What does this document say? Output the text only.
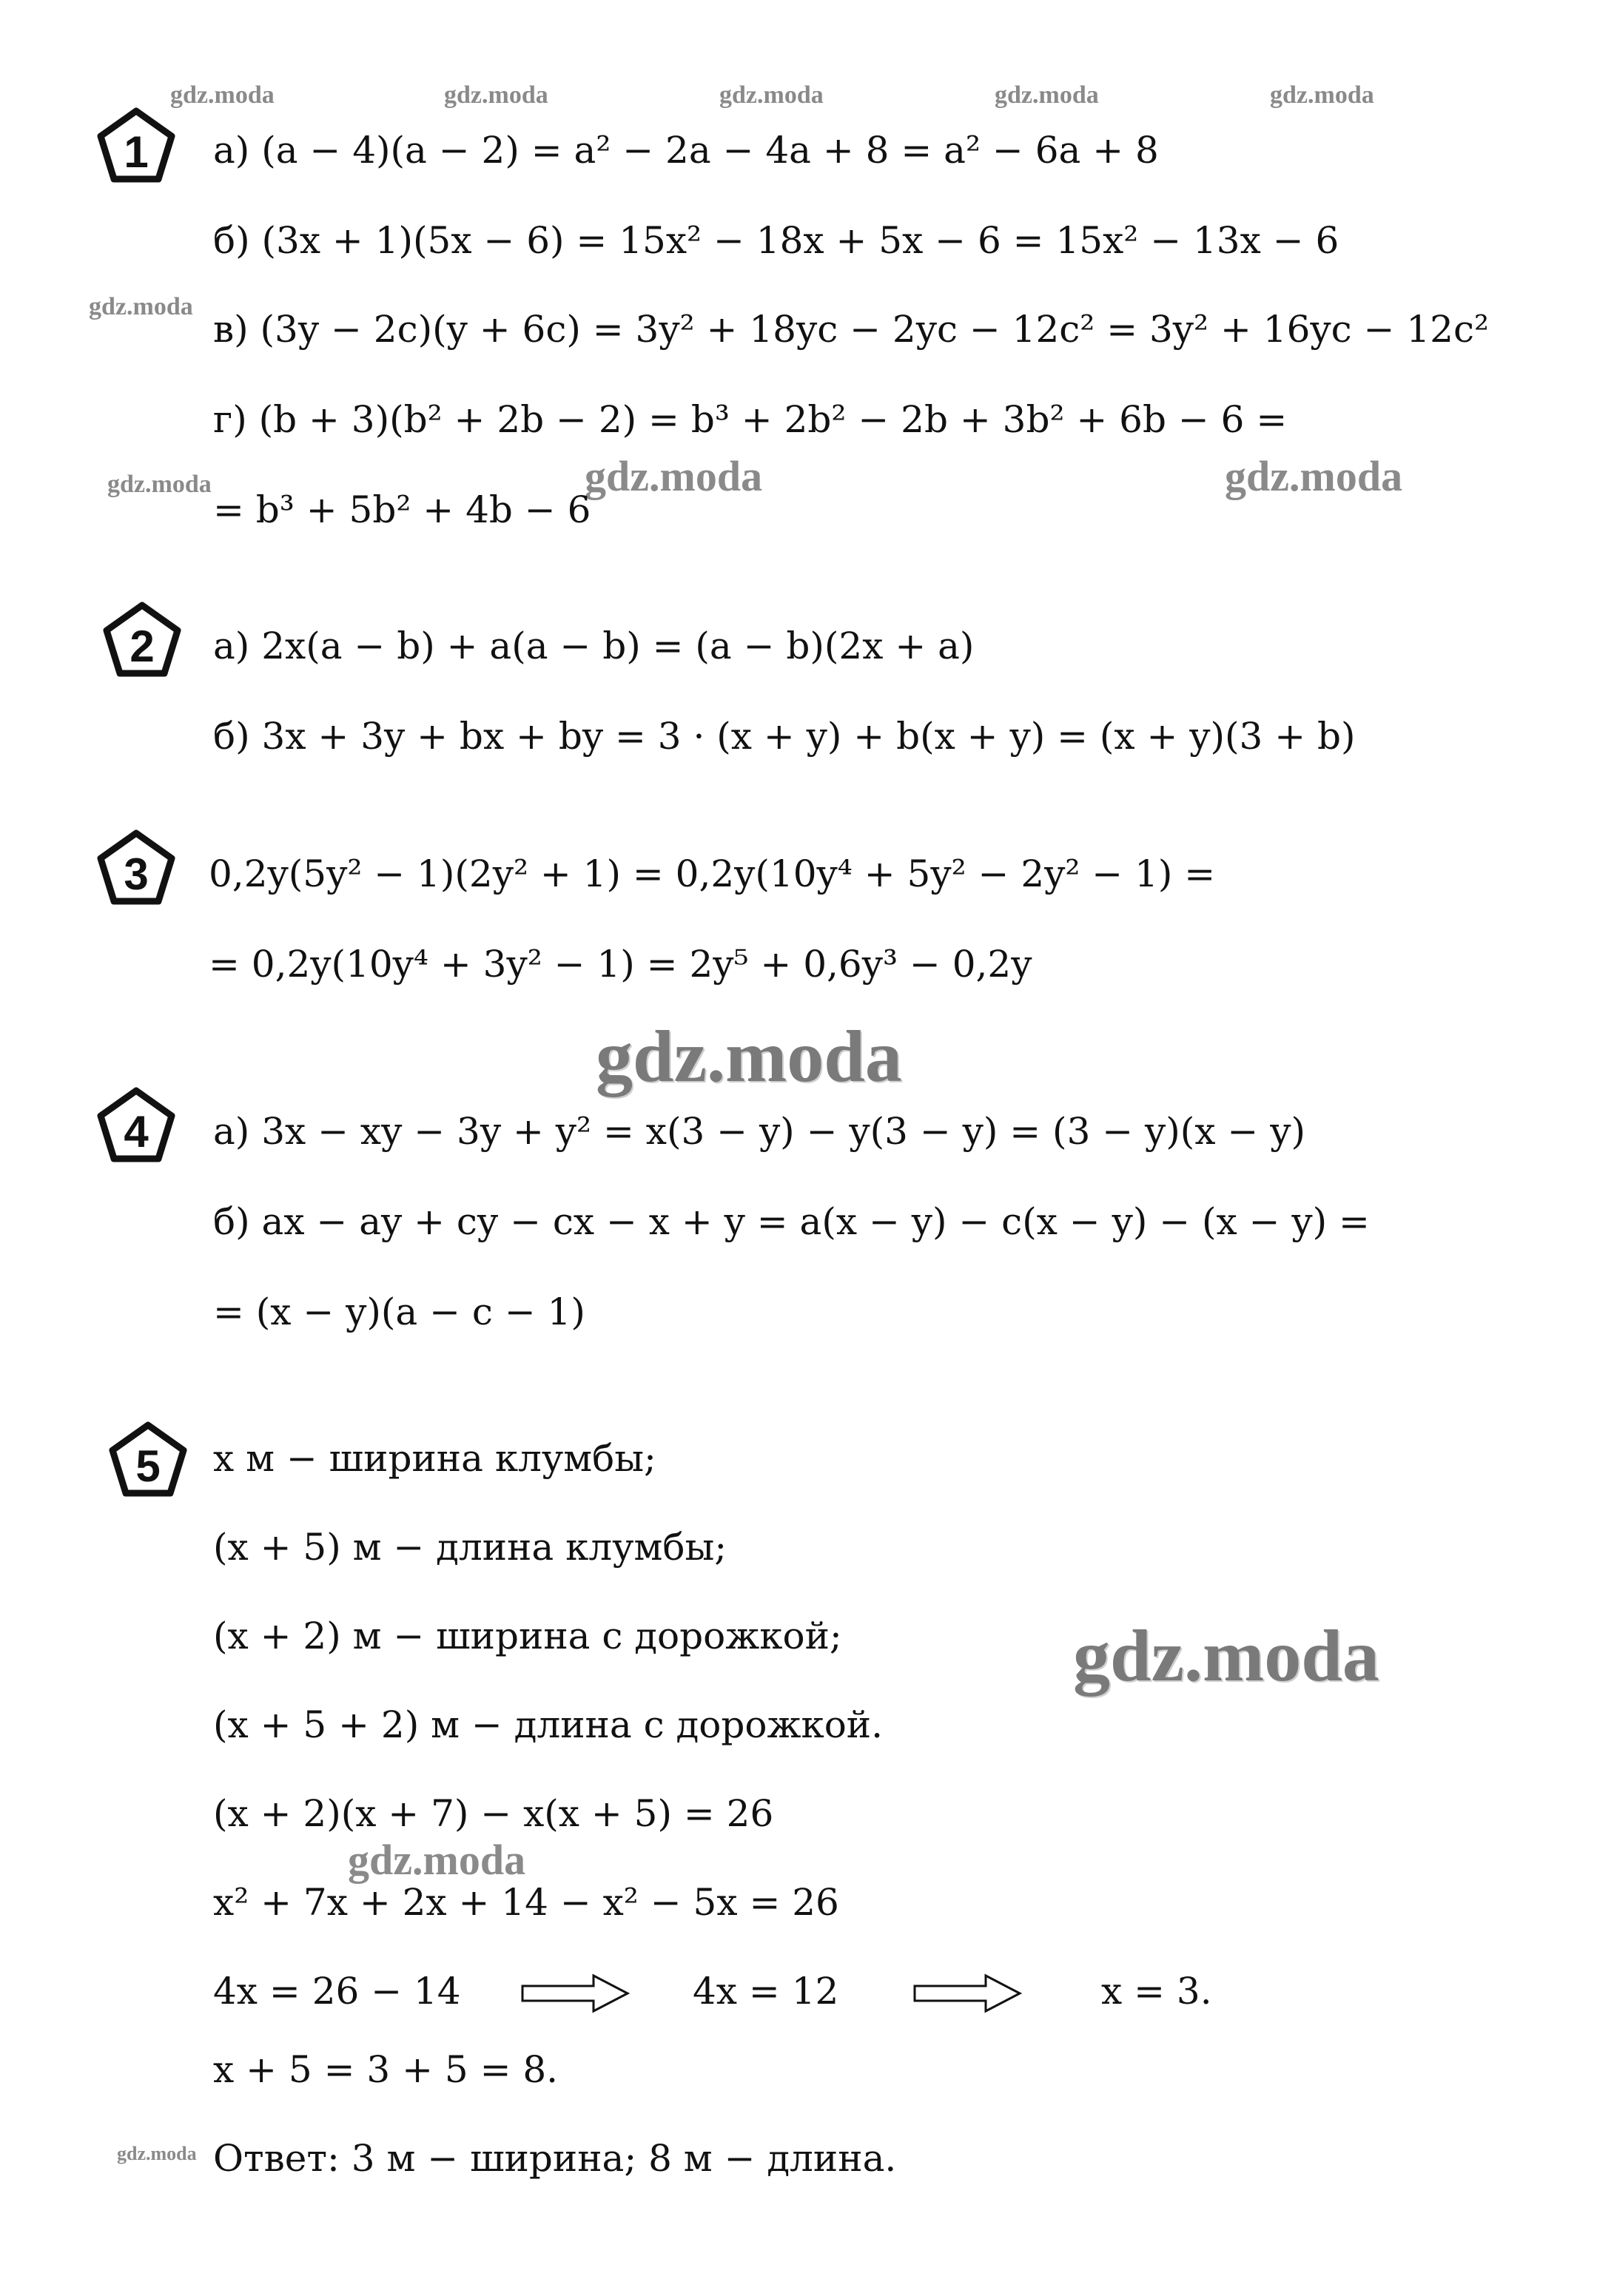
gdz.moda	gdz.moda	gdz.moda	gdz.moda	gdz.moda
gdz.moda
gdz.moda	gdz.moda	gdz.moda
gdz.moda
gdz.moda
gdz.moda
gdz.moda
1 а) (a − 4)(a − 2) = a² − 2a − 4a + 8 = a² − 6a + 8
б) (3x + 1)(5x − 6) = 15x² − 18x + 5x − 6 = 15x² − 13x − 6
в) (3y − 2c)(y + 6c) = 3y² + 18yc − 2yc − 12c² = 3y² + 16yc − 12c²
г) (b + 3)(b² + 2b − 2) = b³ + 2b² − 2b + 3b² + 6b − 6 =
= b³ + 5b² + 4b − 6
2 а) 2x(a − b) + a(a − b) = (a − b)(2x + a)
б) 3x + 3y + bx + by = 3 · (x + y) + b(x + y) = (x + y)(3 + b)
3 0,2y(5y² − 1)(2y² + 1) = 0,2y(10y⁴ + 5y² − 2y² − 1) =
= 0,2y(10y⁴ + 3y² − 1) = 2y⁵ + 0,6y³ − 0,2y
4 а) 3x − xy − 3y + y² = x(3 − y) − y(3 − y) = (3 − y)(x − y)
б) ax − ay + cy − cx − x + y = a(x − y) − c(x − y) − (x − y) =
= (x − y)(a − c − 1)
5 x м − ширина клумбы;
(x + 5) м − длина клумбы;
(x + 2) м − ширина с дорожкой;
(x + 5 + 2) м − длина с дорожкой.
(x + 2)(x + 7) − x(x + 5) = 26
x² + 7x + 2x + 14 − x² − 5x = 26
4x = 26 − 14	4x = 12	x = 3.
x + 5 = 3 + 5 = 8.
Ответ: 3 м − ширина; 8 м − длина.
